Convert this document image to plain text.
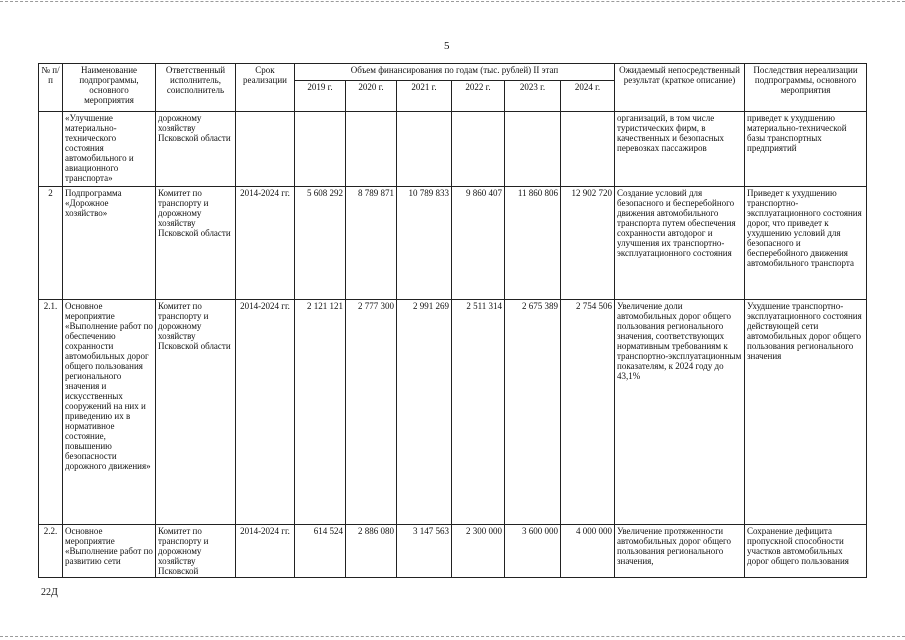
5
№ п/п	Наименование подпрограммы, основного мероприятия	Ответственный исполнитель, соисполнитель	Срок реализации	Объем финансирования по годам (тыс. рублей) II этап						Ожидаемый непосредственный результат (краткое описание)	Последствия нереализации подпрограммы, основного мероприятия
				2019 г.	2020 г.	2021 г.	2022 г.	2023 г.	2024 г.		
	«Улучшение материально-технического состояния автомобильного и авиационного транспорта»	дорожному хозяйству Псковской области								организаций, в том числе туристических фирм, в качественных и безопасных перевозках пассажиров	приведет к ухудшению материально-технической базы транспортных предприятий
2	Подпрограмма «Дорожное хозяйство»	Комитет по транспорту и дорожному хозяйству Псковской области	2014-2024 гг.	5 608 292	8 789 871	10 789 833	9 860 407	11 860 806	12 902 720	Создание условий для безопасного и бесперебойного движения автомобильного транспорта путем обеспечения сохранности автодорог и улучшения их транспортно-эксплуатационного состояния	Приведет к ухудшению транспортно-эксплуатационного состояния дорог, что приведет к ухудшению условий для безопасного и бесперебойного движения автомобильного транспорта
2.1.	Основное мероприятие «Выполнение работ по обеспечению сохранности автомобильных дорог общего пользования регионального значения и искусственных сооружений на них и приведению их в нормативное состояние, повышению безопасности дорожного движения»	Комитет по транспорту и дорожному хозяйству Псковской области	2014-2024 гг.	2 121 121	2 777 300	2 991 269	2 511 314	2 675 389	2 754 506	Увеличение доли автомобильных дорог общего пользования регионального значения, соответствующих нормативным требованиям к транспортно-эксплуатационным показателям, к 2024 году до 43,1%	Ухудшение транспортно-эксплуатационного состояния действующей сети автомобильных дорог общего пользования регионального значения
2.2.	Основное мероприятие «Выполнение работ по развитию сети	Комитет по транспорту и дорожному хозяйству Псковской	2014-2024 гг.	614 524	2 886 080	3 147 563	2 300 000	3 600 000	4 000 000	Увеличение протяженности автомобильных дорог общего пользования регионального значения,	Сохранение дефицита пропускной способности участков автомобильных дорог общего пользования
22Д
